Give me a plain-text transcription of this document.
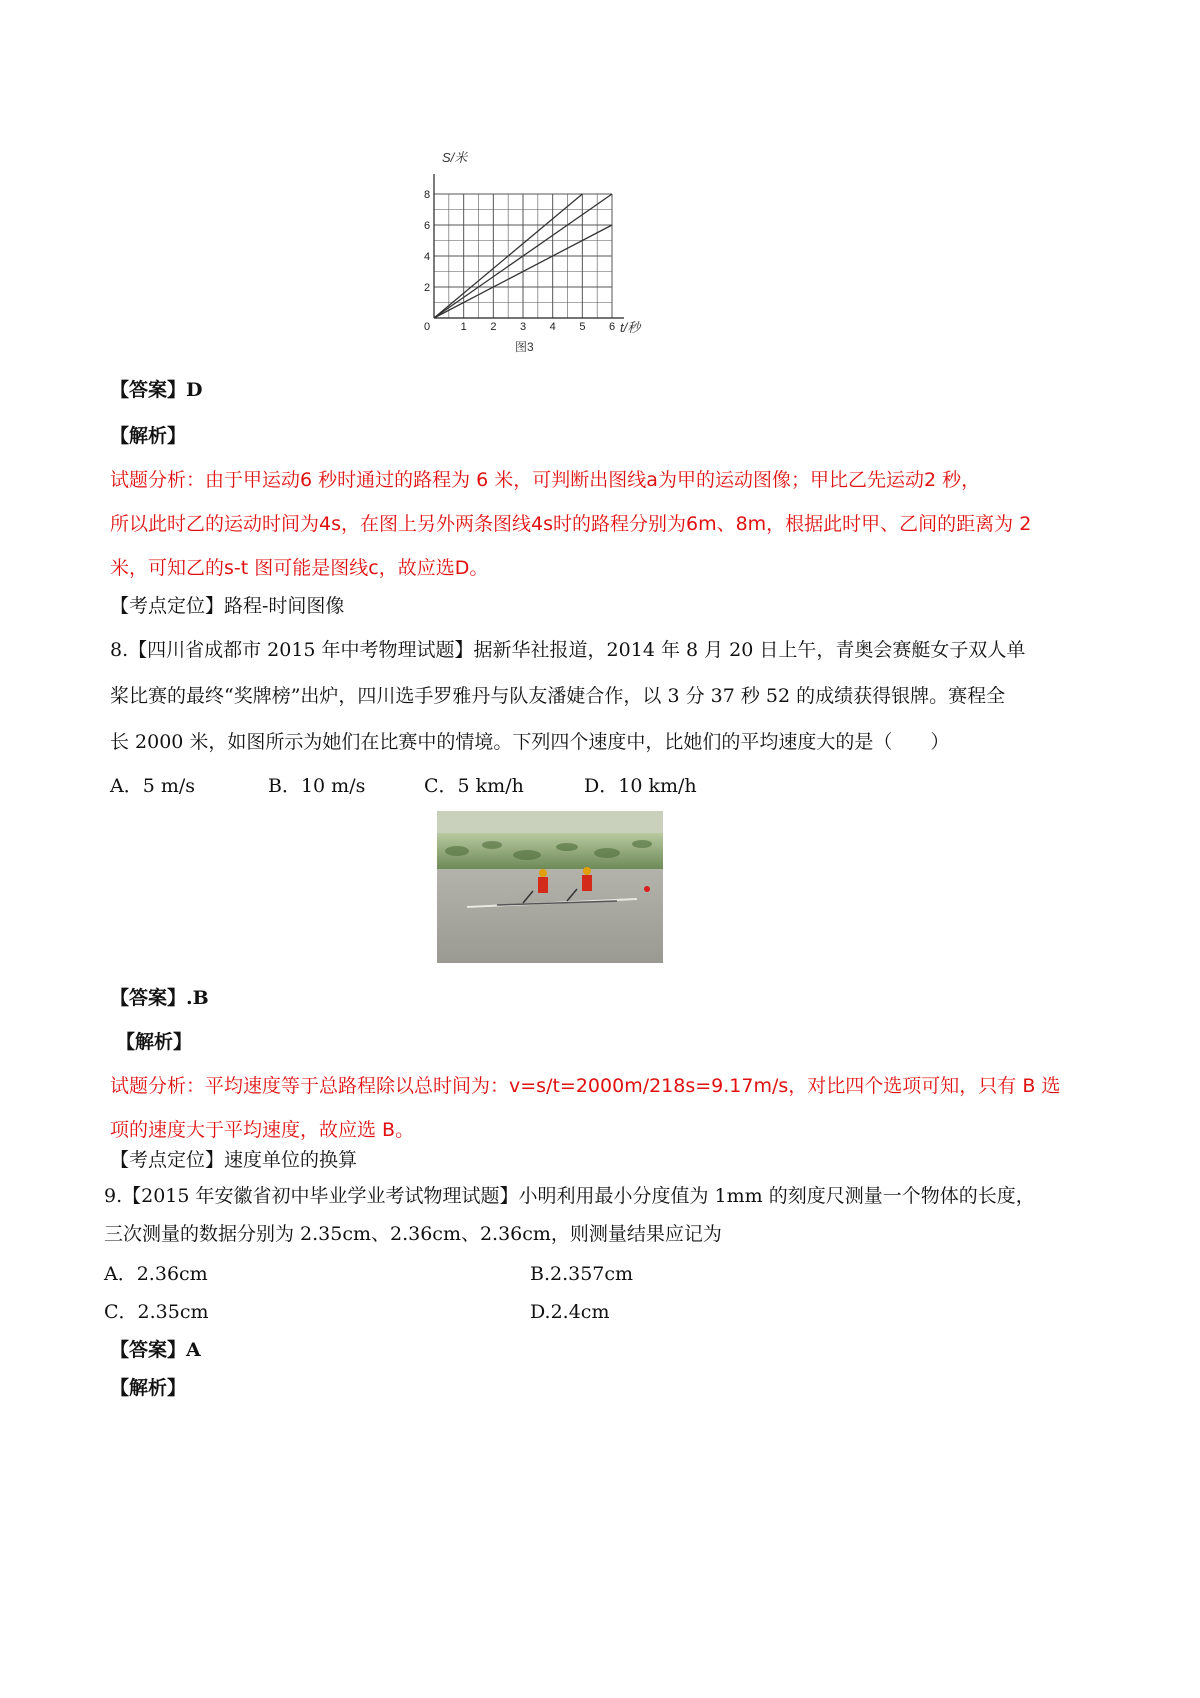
0	1 2 3 4 5 6
2
4
6
8
S/米
t/秒
图3
【答案】D
【解析】
试题分析：由于甲运动6 秒时通过的路程为 6 米，可判断出图线a为甲的运动图像；甲比乙先运动2 秒，
所以此时乙的运动时间为4s，在图上另外两条图线4s时的路程分别为6m、8m，根据此时甲、乙间的距离为 2
米，可知乙的s-t 图可能是图线c，故应选D。
【考点定位】路程-时间图像
8.【四川省成都市 2015 年中考物理试题】据新华社报道，2014 年 8 月 20 日上午，青奥会赛艇女子双人单
桨比赛的最终“奖牌榜”出炉，四川选手罗雅丹与队友潘婕合作，以 3 分 37 秒 52 的成绩获得银牌。赛程全
长 2000 米，如图所示为她们在比赛中的情境。下列四个速度中，比她们的平均速度大的是（　　）
A．5 m/s	B．10 m/s	C．5 km/h	D．10 km/h
【答案】.B
【解析】
试题分析：平均速度等于总路程除以总时间为：v=s/t=2000m/218s=9.17m/s，对比四个选项可知，只有 B 选
项的速度大于平均速度，故应选 B。
【考点定位】速度单位的换算
9.【2015 年安徽省初中毕业学业考试物理试题】小明利用最小分度值为 1mm 的刻度尺测量一个物体的长度，
三次测量的数据分别为 2.35cm、2.36cm、2.36cm，则测量结果应记为
A．2.36cm	B.2.357cm
C．2.35cm	D.2.4cm
【答案】A
【解析】
